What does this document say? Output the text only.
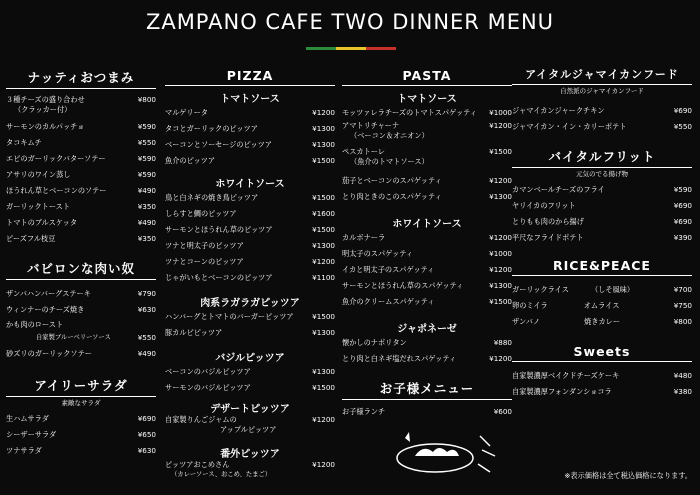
ZAMPANO CAFE TWO DINNER MENU
ナッティおつまみ
３種チーズの盛り合わせ	¥800
（クラッカー付）
サーモンのカルパッチョ	¥590
タコキムチ	¥550
エビのガーリックバターソテー	¥590
アサリのワイン蒸し	¥590
ほうれん草とベーコンのソテー	¥490
ガーリックトースト	¥350
トマトのブルスケッタ	¥490
ピーズフル枝豆	¥350
バビロンな肉い奴
ザンバハンバーグステーキ	¥790
ウィンナーのチーズ焼き	¥630
かも肉のロースト
自家製ブルーベリーソース	¥550
砂ズリのガーリックソテー	¥490
アイリーサラダ
素敵なサラダ
生ハムサラダ	¥690
シーザーサラダ	¥650
ツナサラダ	¥630
PIZZA
トマトソース
マルゲリータ	¥1200
タコとガーリックのピッツア	¥1300
ベーコンとソーセージのピッツア	¥1300
魚介のピッツア	¥1500
ホワイトソース
鳥と白ネギの焼き鳥ピッツア	¥1500
しらすと鯛のピッツア	¥1600
サーモンとほうれん草のピッツア	¥1500
ツナと明太子のピッツア	¥1300
ツナとコーンのピッツア	¥1200
じゃがいもとベーコンのピッツア	¥1100
肉系ラガラガピッツア
ハンバーグとトマトのバーガーピッツア	¥1500
豚カルビピッツア	¥1300
バジルピッツア
ベーコンのバジルピッツア	¥1300
サーモンのバジルピッツア	¥1500
デザートピッツア
自家製りんごジャムの	¥1200
アップルピッツア
番外ピッツア
ピッツアおこめさん	¥1200
（カレーソース、おこめ、たまご）
PASTA
トマトソース
モッツァレラチーズのトマトスパゲッティ ¥1000
アマトリチャーナ	¥1200
（ベーコン＆オニオン）
ペスカトーレ	¥1500
（魚介のトマトソース）
茄子とベーコンのスパゲッティ	¥1200
とり肉ときのこのスパゲッティ	¥1300
ホワイトソース
カルボナーラ	¥1200
明太子のスパゲッティ	¥1000
イカと明太子のスパゲッティ	¥1200
サーモンとほうれん草のスパゲッティ	¥1300
魚介のクリームスパゲッティ	¥1500
ジャポネーゼ
懐かしのナポリタン	¥880
とり肉と白ネギ塩だれスパゲッティ	¥1200
お子様メニュー
お子様ランチ	¥600
アイタルジャマイカンフード
自然派のジャマイカンフード
ジャマイカンジャークチキン	¥690
ジャマイカン・イン・カリーポテト	¥550
バイタルフリット
元気のでる揚げ物
カマンベールチーズのフライ	¥590
ヤリイカのフリット	¥690
とりもも肉のから揚げ	¥690
平尺なフライドポテト	¥390
RICE&PEACE
ガーリックライス	（しそ風味）	¥700
卵のミイラ	オムライス	¥750
ザンバノ	焼きカレー	¥800
Sweets
自家製濃厚ベイクドチーズケーキ	¥480
自家製濃厚フォンダンショコラ	¥380
※表示価格は全て税込価格になります。
